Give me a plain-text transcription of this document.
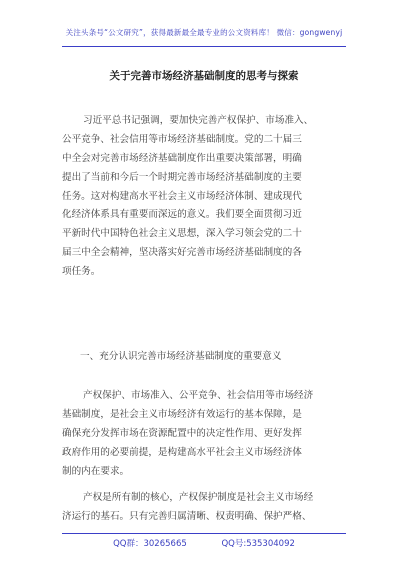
关注头条号“公文研究”，获得最新最全最专业的公文资料库！ 微信：gongwenyj
关于完善市场经济基础制度的思考与探索
习近平总书记强调，要加快完善产权保护、市场准入、
公平竞争、社会信用等市场经济基础制度。党的二十届三
中全会对完善市场经济基础制度作出重要决策部署，明确
提出了当前和今后一个时期完善市场经济基础制度的主要
任务。这对构建高水平社会主义市场经济体制、建成现代
化经济体系具有重要而深远的意义。我们要全面贯彻习近
平新时代中国特色社会主义思想，深入学习领会党的二十
届三中全会精神，坚决落实好完善市场经济基础制度的各
项任务。
一、充分认识完善市场经济基础制度的重要意义
产权保护、市场准入、公平竞争、社会信用等市场经济
基础制度，是社会主义市场经济有效运行的基本保障，是
确保充分发挥市场在资源配置中的决定性作用、更好发挥
政府作用的必要前提，是构建高水平社会主义市场经济体
制的内在要求。
产权是所有制的核心，产权保护制度是社会主义市场经
济运行的基石。只有完善归属清晰、权责明确、保护严格、
QQ群：30265665	QQ号:535304092
